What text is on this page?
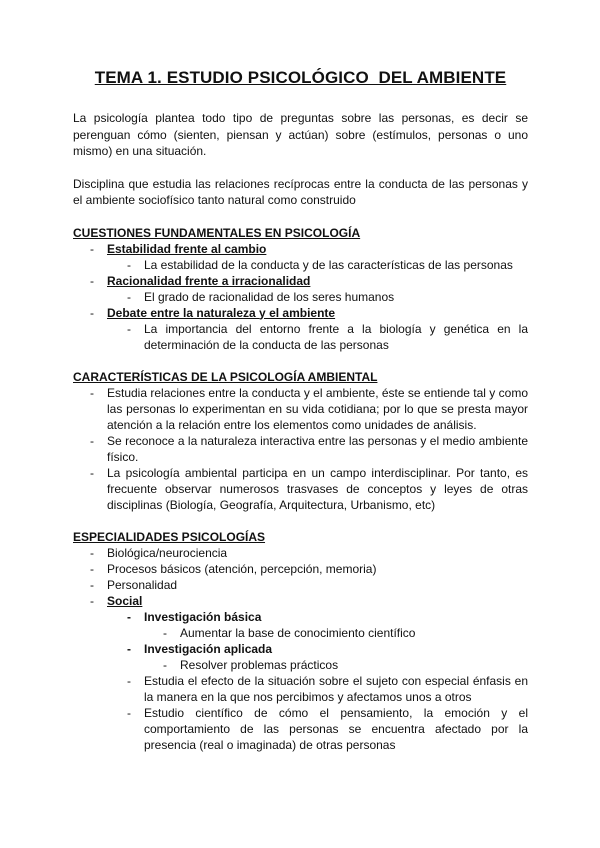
TEMA 1. ESTUDIO PSICOLÓGICO  DEL AMBIENTE

La psicología plantea todo tipo de preguntas sobre las personas, es decir se perenguan cómo (sienten, piensan y actúan) sobre (estímulos, personas o uno mismo) en una situación.

Disciplina que estudia las relaciones recíprocas entre la conducta de las personas y el ambiente sociofísico tanto natural como construido

CUESTIONES FUNDAMENTALES EN PSICOLOGÍA
- Estabilidad frente al cambio
- La estabilidad de la conducta y de las características de las personas
- Racionalidad frente a irracionalidad
- El grado de racionalidad de los seres humanos
- Debate entre la naturaleza y el ambiente
- La importancia del entorno frente a la biología y genética en la determinación de la conducta de las personas
CARACTERÍSTICAS DE LA PSICOLOGÍA AMBIENTAL
- Estudia relaciones entre la conducta y el ambiente, éste se entiende tal y como las personas lo experimentan en su vida cotidiana; por lo que se presta mayor atención a la relación entre los elementos como unidades de análisis.
- Se reconoce a la naturaleza interactiva entre las personas y el medio ambiente físico.
- La psicología ambiental participa en un campo interdisciplinar. Por tanto, es frecuente observar numerosos trasvases de conceptos y leyes de otras disciplinas (Biología, Geografía, Arquitectura, Urbanismo, etc)
ESPECIALIDADES PSICOLOGÍAS
- Biológica/neurociencia
- Procesos básicos (atención, percepción, memoria)
- Personalidad
- Social
- Investigación básica
- Aumentar la base de conocimiento científico
- Investigación aplicada
- Resolver problemas prácticos
- Estudia el efecto de la situación sobre el sujeto con especial énfasis en la manera en la que nos percibimos y afectamos unos a otros
- Estudio científico de cómo el pensamiento, la emoción y el comportamiento de las personas se encuentra afectado por la presencia (real o imaginada) de otras personas
